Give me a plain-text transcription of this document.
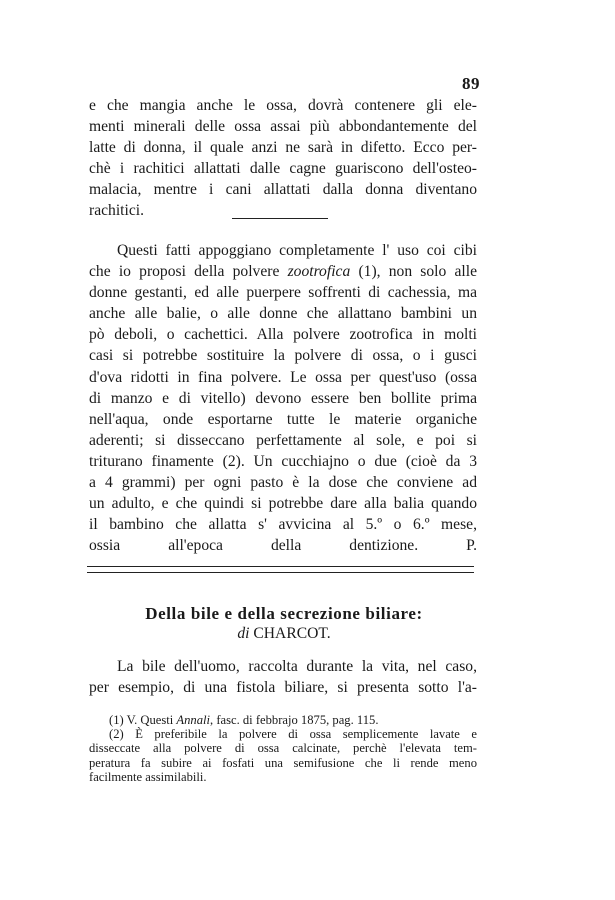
89
e che mangia anche le ossa, dovrà contenere gli ele-
menti minerali delle ossa assai più abbondantemente del
latte di donna, il quale anzi ne sarà in difetto. Ecco per-
chè i rachitici allattati dalle cagne guariscono dell'osteo-
malacia, mentre i cani allattati dalla donna diventano
rachitici.
Questi fatti appoggiano completamente l' uso coi cibi
che io proposi della polvere zootrofica (1), non solo alle
donne gestanti, ed alle puerpere soffrenti di cachessia, ma
anche alle balie, o alle donne che allattano bambini un
pò deboli, o cachettici. Alla polvere zootrofica in molti
casi si potrebbe sostituire la polvere di ossa, o i gusci
d'ova ridotti in fina polvere. Le ossa per quest'uso (ossa
di manzo e di vitello) devono essere ben bollite prima
nell'aqua, onde esportarne tutte le materie organiche
aderenti; si disseccano perfettamente al sole, e poi si
triturano finamente (2). Un cucchiajno o due (cioè da 3
a 4 grammi) per ogni pasto è la dose che conviene ad
un adulto, e che quindi si potrebbe dare alla balia quando
il bambino che allatta s' avvicina al 5.º o 6.º mese,
ossia all'epoca della dentizione.	P.
Della bile e della secrezione biliare:
di CHARCOT.
La bile dell'uomo, raccolta durante la vita, nel caso,
per esempio, di una fistola biliare, si presenta sotto l'a-
(1) V. Questi Annali, fasc. di febbrajo 1875, pag. 115.
(2) È preferibile la polvere di ossa semplicemente lavate e
disseccate alla polvere di ossa calcinate, perchè l'elevata tem-
peratura fa subire ai fosfati una semifusione che li rende meno
facilmente assimilabili.
